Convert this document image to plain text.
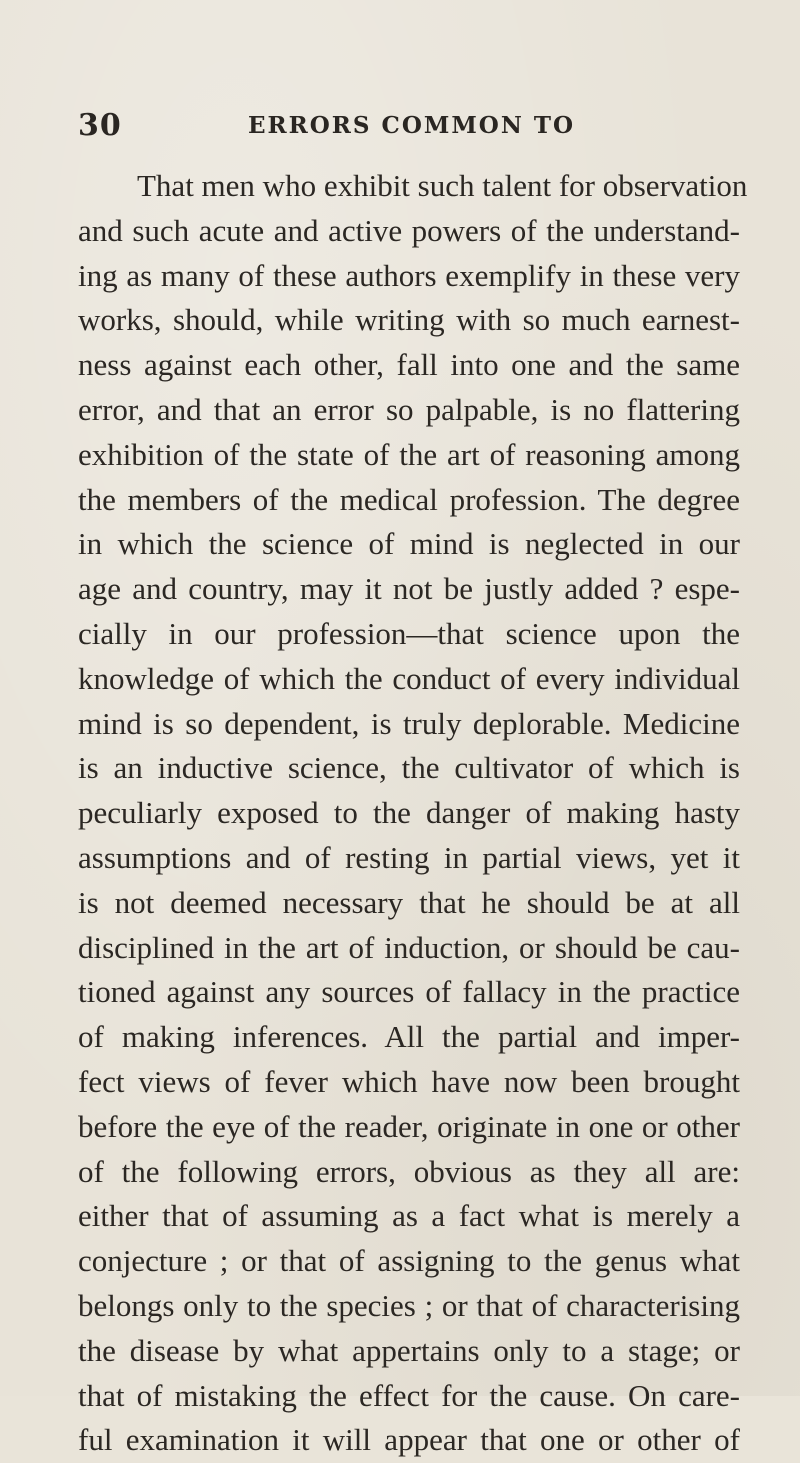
30	ERRORS COMMON TO
That men who exhibit such talent for observation
and such acute and active powers of the understand-
ing as many of these authors exemplify in these very
works, should, while writing with so much earnest-
ness against each other, fall into one and the same
error, and that an error so palpable, is no flattering
exhibition of the state of the art of reasoning among
the members of the medical profession. The degree
in which the science of mind is neglected in our
age and country, may it not be justly added ? espe-
cially in our profession—that science upon the
knowledge of which the conduct of every individual
mind is so dependent, is truly deplorable. Medicine
is an inductive science, the cultivator of which is
peculiarly exposed to the danger of making hasty
assumptions and of resting in partial views, yet it
is not deemed necessary that he should be at all
disciplined in the art of induction, or should be cau-
tioned against any sources of fallacy in the practice
of making inferences. All the partial and imper-
fect views of fever which have now been brought
before the eye of the reader, originate in one or other
of the following errors, obvious as they all are:
either that of assuming as a fact what is merely a
conjecture ; or that of assigning to the genus what
belongs only to the species ; or that of characterising
the disease by what appertains only to a stage; or
that of mistaking the effect for the cause. On care-
ful examination it will appear that one or other of
